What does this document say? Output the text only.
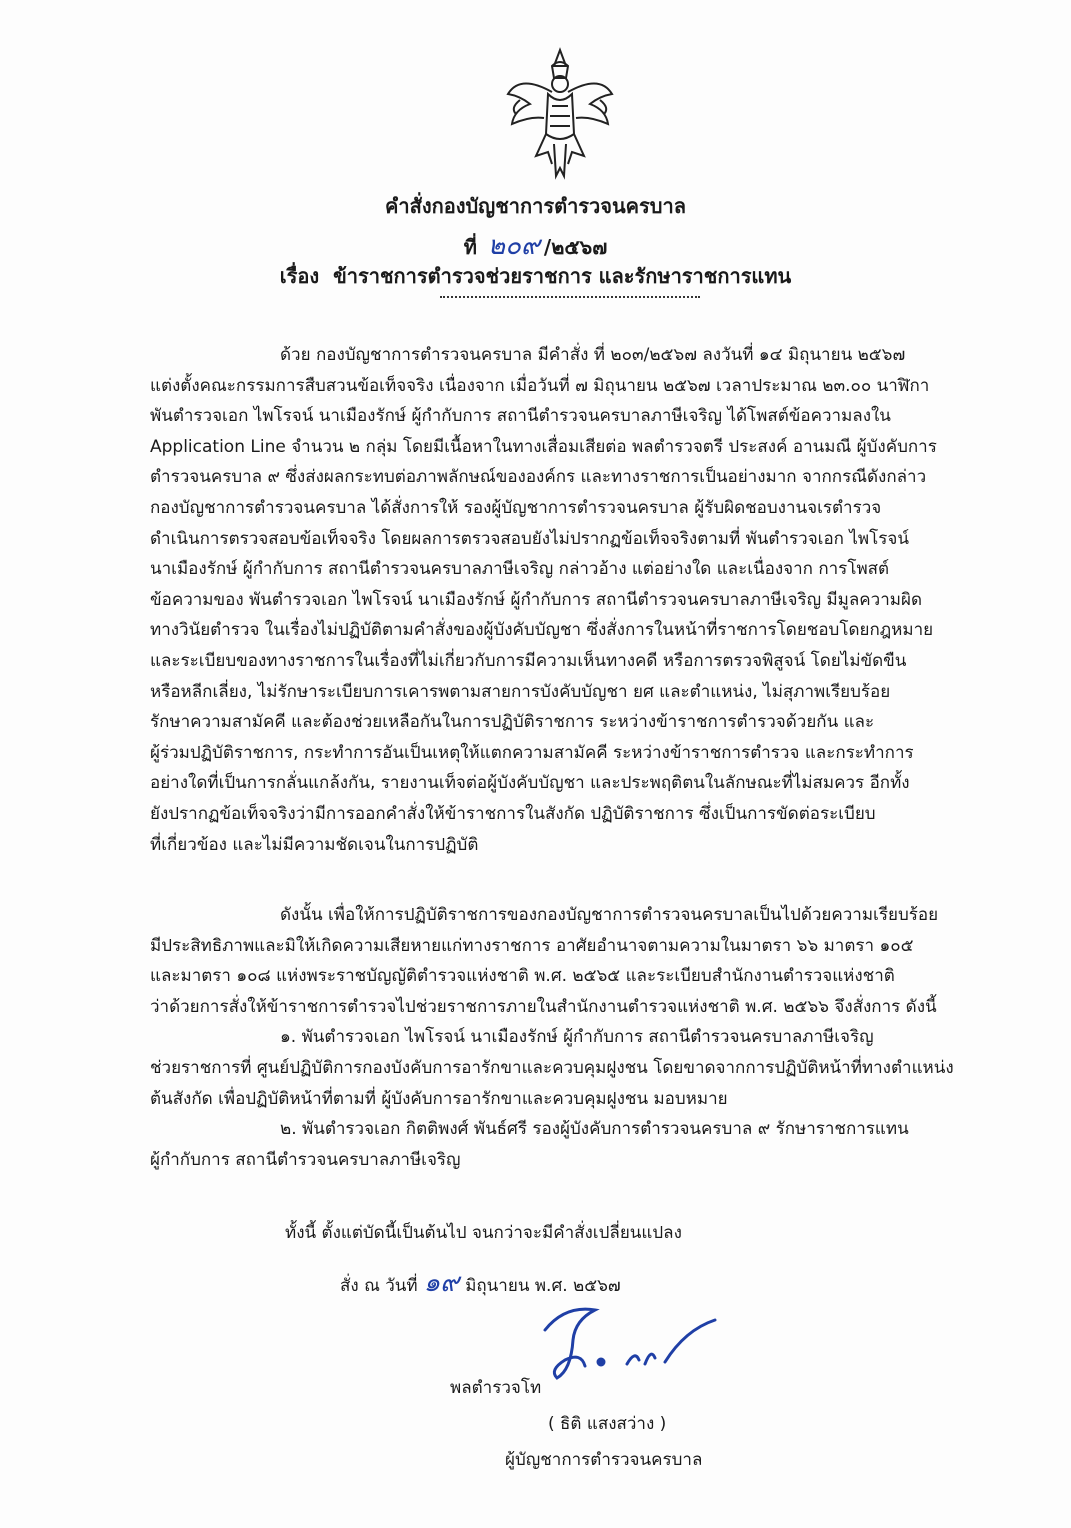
คำสั่งกองบัญชาการตำรวจนครบาล
ที่ ๒๐๙ /๒๕๖๗
เรื่อง ข้าราชการตำรวจช่วยราชการ และรักษาราชการแทน
ด้วย กองบัญชาการตำรวจนครบาล มีคำสั่ง ที่ ๒๐๓/๒๕๖๗ ลงวันที่ ๑๔ มิถุนายน ๒๕๖๗
แต่งตั้งคณะกรรมการสืบสวนข้อเท็จจริง เนื่องจาก เมื่อวันที่ ๗ มิถุนายน ๒๕๖๗ เวลาประมาณ ๒๓.๐๐ นาฬิกา
พันตำรวจเอก ไพโรจน์ นาเมืองรักษ์ ผู้กำกับการ สถานีตำรวจนครบาลภาษีเจริญ ได้โพสต์ข้อความลงใน
Application Line จำนวน ๒ กลุ่ม โดยมีเนื้อหาในทางเสื่อมเสียต่อ พลตำรวจตรี ประสงค์ อานมณี ผู้บังคับการ
ตำรวจนครบาล ๙ ซึ่งส่งผลกระทบต่อภาพลักษณ์ขององค์กร และทางราชการเป็นอย่างมาก จากกรณีดังกล่าว
กองบัญชาการตำรวจนครบาล ได้สั่งการให้ รองผู้บัญชาการตำรวจนครบาล ผู้รับผิดชอบงานจเรตำรวจ
ดำเนินการตรวจสอบข้อเท็จจริง โดยผลการตรวจสอบยังไม่ปรากฏข้อเท็จจริงตามที่ พันตำรวจเอก ไพโรจน์
นาเมืองรักษ์ ผู้กำกับการ สถานีตำรวจนครบาลภาษีเจริญ กล่าวอ้าง แต่อย่างใด และเนื่องจาก การโพสต์
ข้อความของ พันตำรวจเอก ไพโรจน์ นาเมืองรักษ์ ผู้กำกับการ สถานีตำรวจนครบาลภาษีเจริญ มีมูลความผิด
ทางวินัยตำรวจ ในเรื่องไม่ปฏิบัติตามคำสั่งของผู้บังคับบัญชา ซึ่งสั่งการในหน้าที่ราชการโดยชอบโดยกฎหมาย
และระเบียบของทางราชการในเรื่องที่ไม่เกี่ยวกับการมีความเห็นทางคดี หรือการตรวจพิสูจน์ โดยไม่ขัดขืน
หรือหลีกเลี่ยง, ไม่รักษาระเบียบการเคารพตามสายการบังคับบัญชา ยศ และตำแหน่ง, ไม่สุภาพเรียบร้อย
รักษาความสามัคคี และต้องช่วยเหลือกันในการปฏิบัติราชการ ระหว่างข้าราชการตำรวจด้วยกัน และ
ผู้ร่วมปฏิบัติราชการ, กระทำการอันเป็นเหตุให้แตกความสามัคคี ระหว่างข้าราชการตำรวจ และกระทำการ
อย่างใดที่เป็นการกลั่นแกล้งกัน, รายงานเท็จต่อผู้บังคับบัญชา และประพฤติตนในลักษณะที่ไม่สมควร อีกทั้ง
ยังปรากฏข้อเท็จจริงว่ามีการออกคำสั่งให้ข้าราชการในสังกัด ปฏิบัติราชการ ซึ่งเป็นการขัดต่อระเบียบ
ที่เกี่ยวข้อง และไม่มีความชัดเจนในการปฏิบัติ
ดังนั้น เพื่อให้การปฏิบัติราชการของกองบัญชาการตำรวจนครบาลเป็นไปด้วยความเรียบร้อย
มีประสิทธิภาพและมิให้เกิดความเสียหายแก่ทางราชการ อาศัยอำนาจตามความในมาตรา ๖๖ มาตรา ๑๐๕
และมาตรา ๑๐๘ แห่งพระราชบัญญัติตำรวจแห่งชาติ พ.ศ. ๒๕๖๕ และระเบียบสำนักงานตำรวจแห่งชาติ
ว่าด้วยการสั่งให้ข้าราชการตำรวจไปช่วยราชการภายในสำนักงานตำรวจแห่งชาติ พ.ศ. ๒๕๖๖ จึงสั่งการ ดังนี้
๑. พันตำรวจเอก ไพโรจน์ นาเมืองรักษ์ ผู้กำกับการ สถานีตำรวจนครบาลภาษีเจริญ
ช่วยราชการที่ ศูนย์ปฏิบัติการกองบังคับการอารักขาและควบคุมฝูงชน โดยขาดจากการปฏิบัติหน้าที่ทางตำแหน่ง
ต้นสังกัด เพื่อปฏิบัติหน้าที่ตามที่ ผู้บังคับการอารักขาและควบคุมฝูงชน มอบหมาย
๒. พันตำรวจเอก กิตติพงศ์ พันธ์ศรี รองผู้บังคับการตำรวจนครบาล ๙ รักษาราชการแทน
ผู้กำกับการ สถานีตำรวจนครบาลภาษีเจริญ
ทั้งนี้ ตั้งแต่บัดนี้เป็นต้นไป จนกว่าจะมีคำสั่งเปลี่ยนแปลง
สั่ง ณ วันที่ ๑๙ มิถุนายน พ.ศ. ๒๕๖๗
พลตำรวจโท
( ธิติ แสงสว่าง )
ผู้บัญชาการตำรวจนครบาล
